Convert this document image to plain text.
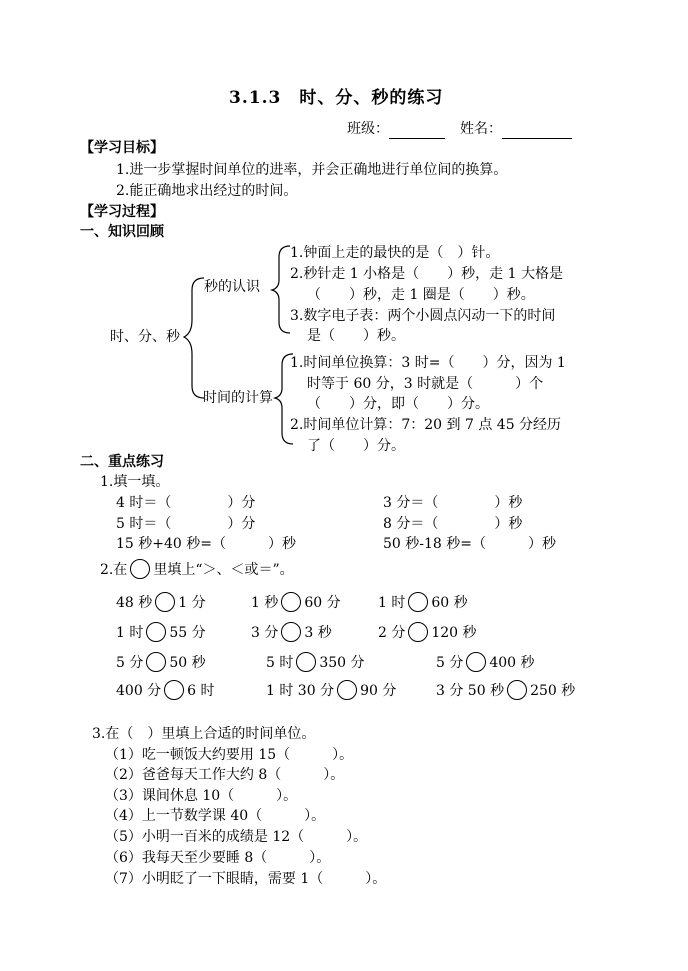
3.1.3　时、分、秒的练习
班级：	姓名：
【学习目标】
1.进一步掌握时间单位的进率，并会正确地进行单位间的换算。
2.能正确地求出经过的时间。
【学习过程】
一、知识回顾
时、分、秒
秒的认识
时间的计算
1.钟面上走的最快的是（　）针。
2.秒针走 1 小格是（　　）秒，走 1 大格是
（　　）秒，走 1 圈是（　　）秒。
3.数字电子表：两个小圆点闪动一下的时间
是（　　）秒。
1.时间单位换算：3 时=（　　）分，因为 1
时等于 60 分，3 时就是（　　　）个
（　　）分，即（　　）分。
2.时间单位计算：7：20 到 7 点 45 分经历
了（　　）分。
二、重点练习
1.填一填。
4 时＝（　　　　）分	3 分＝（　　　　）秒
5 时＝（　　　　）分	8 分＝（　　　　）秒
15 秒+40 秒=（　　　）秒	50 秒-18 秒=（　　　）秒
2.在 里填上“＞、＜或＝”。
48 秒 1 分	1 秒 60 分	1 时 60 秒
1 时 55 分	3 分 3 秒	2 分 120 秒
5 分 50 秒	5 时 350 分	5 分 400 秒
400 分 6 时	1 时 30 分 90 分	3 分 50 秒 250 秒
3.在（　）里填上合适的时间单位。
（1）吃一顿饭大约要用 15（　　　）。
（2）爸爸每天工作大约 8（　　　）。
（3）课间休息 10（　　　）。
（4）上一节数学课 40（　　　）。
（5）小明一百米的成绩是 12（　　　）。
（6）我每天至少要睡 8（　　　）。
（7）小明眨了一下眼睛，需要 1（　　　）。
